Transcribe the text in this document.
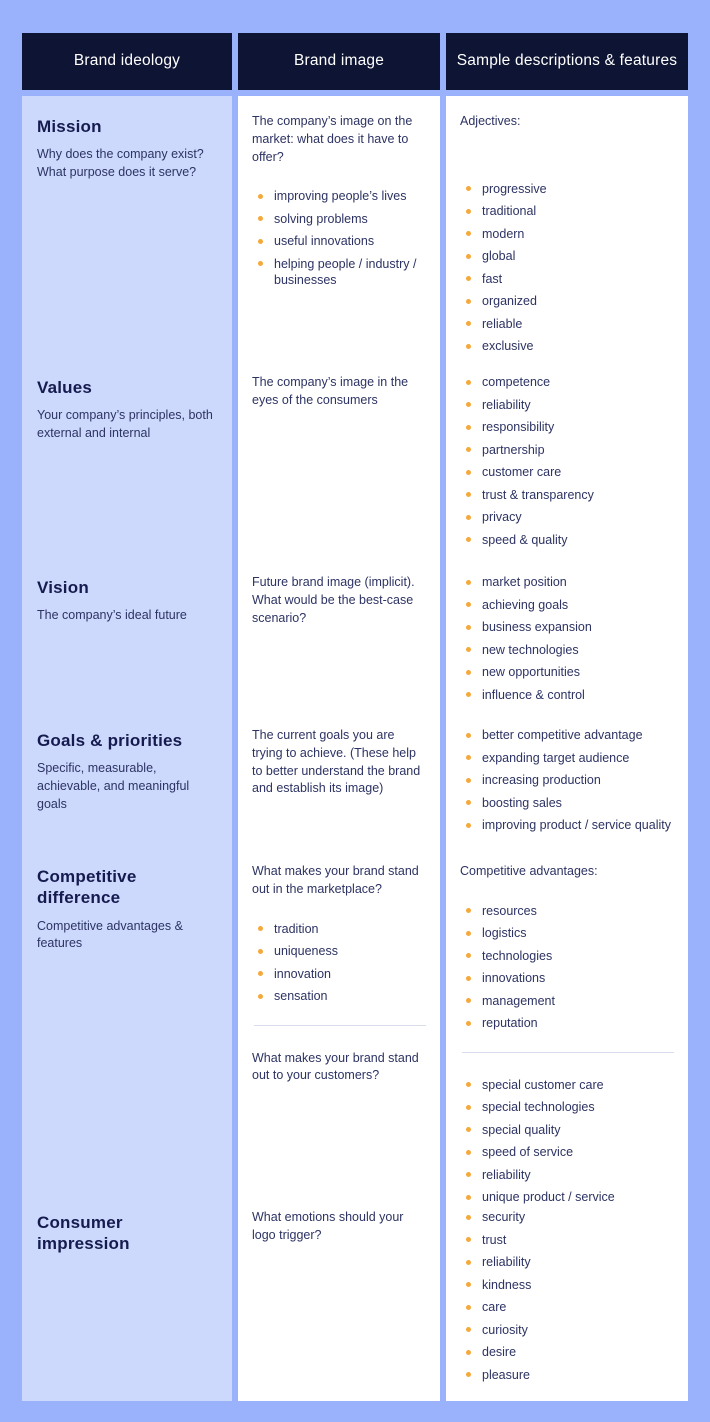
Brand ideology	Brand image	Sample descriptions & features
Mission

Why does the company exist? What purpose does it serve?

The company’s image on the market: what does it have to offer?

improving people’s lives
solving problems
useful innovations
helping people / industry / businesses

Adjectives:

progressive
traditional
modern
global
fast
organized
reliable
exclusive
Values

Your company’s principles, both external and internal

The company’s image in the eyes of the consumers

competence
reliability
responsibility
partnership
customer care
trust & transparency
privacy
speed & quality
Vision

The company’s ideal future

Future brand image (implicit). What would be the best-case scenario?

market position
achieving goals
business expansion
new technologies
new opportunities
influence & control
Goals & priorities

Specific, measurable, achievable, and meaningful goals

The current goals you are trying to achieve. (These help to better understand the brand and establish its image)

better competitive advantage
expanding target audience
increasing production
boosting sales
improving product / service quality
Competitive difference

Competitive advantages & features

What makes your brand stand out in the marketplace?

tradition
uniqueness
innovation
sensation

What makes your brand stand out to your customers?

Competitive advantages:

resources
logistics
technologies
innovations
management
reputation
special customer care
special technologies
special quality
speed of service
reliability
unique product / service
Consumer impression

What emotions should your logo trigger?

security
trust
reliability
kindness
care
curiosity
desire
pleasure
